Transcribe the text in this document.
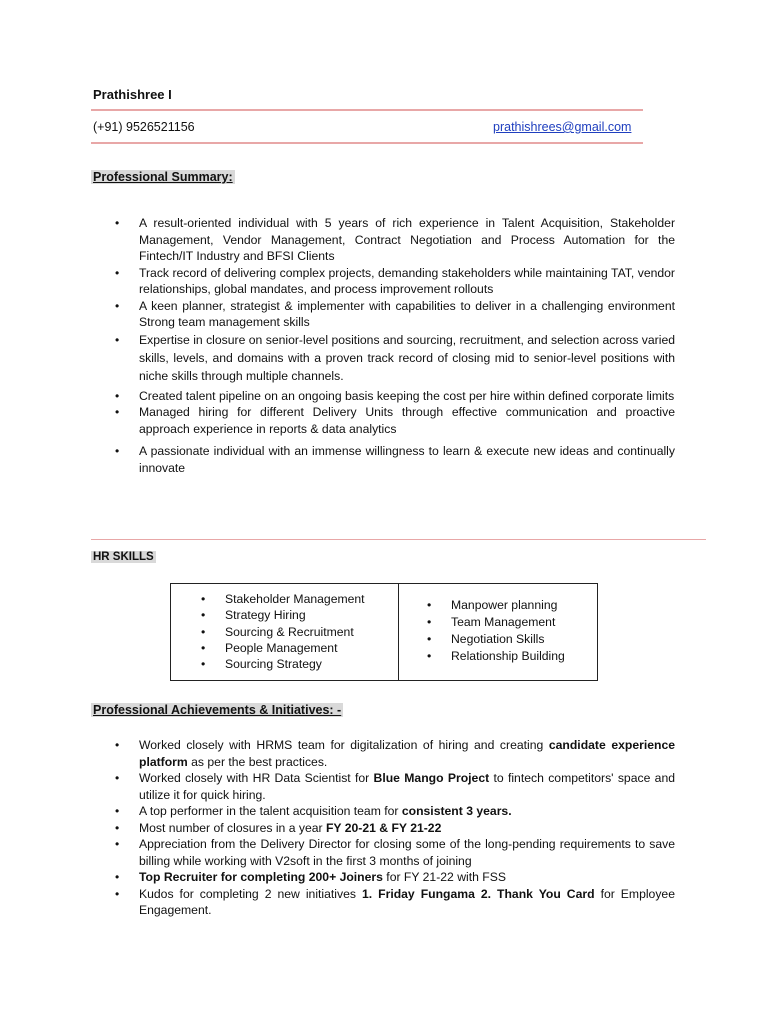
Prathishree I
(+91) 9526521156	prathishrees@gmail.com
Professional Summary:
• A result-oriented individual with 5 years of rich experience in Talent Acquisition, Stakeholder Management, Vendor Management, Contract Negotiation and Process Automation for the Fintech/IT Industry and BFSI Clients
• Track record of delivering complex projects, demanding stakeholders while maintaining TAT, vendor relationships, global mandates, and process improvement rollouts
• A keen planner, strategist & implementer with capabilities to deliver in a challenging environment Strong team management skills
• Expertise in closure on senior-level positions and sourcing, recruitment, and selection across varied skills, levels, and domains with a proven track record of closing mid to senior-level positions with niche skills through multiple channels.
• Created talent pipeline on an ongoing basis keeping the cost per hire within defined corporate limits
• Managed hiring for different Delivery Units through effective communication and proactive approach experience in reports & data analytics
• A passionate individual with an immense willingness to learn & execute new ideas and continually innovate
HR SKILLS
• Stakeholder Management
• Strategy Hiring
• Sourcing & Recruitment
• People Management
• Sourcing Strategy
• Manpower planning
• Team Management
• Negotiation Skills
• Relationship Building
Professional Achievements & Initiatives: -
• Worked closely with HRMS team for digitalization of hiring and creating candidate experience platform as per the best practices.
• Worked closely with HR Data Scientist for Blue Mango Project to fintech competitors' space and utilize it for quick hiring.
• A top performer in the talent acquisition team for consistent 3 years.
• Most number of closures in a year FY 20-21 & FY 21-22
• Appreciation from the Delivery Director for closing some of the long-pending requirements to save billing while working with V2soft in the first 3 months of joining
• Top Recruiter for completing 200+ Joiners for FY 21-22 with FSS
• Kudos for completing 2 new initiatives 1. Friday Fungama 2. Thank You Card for Employee Engagement.
